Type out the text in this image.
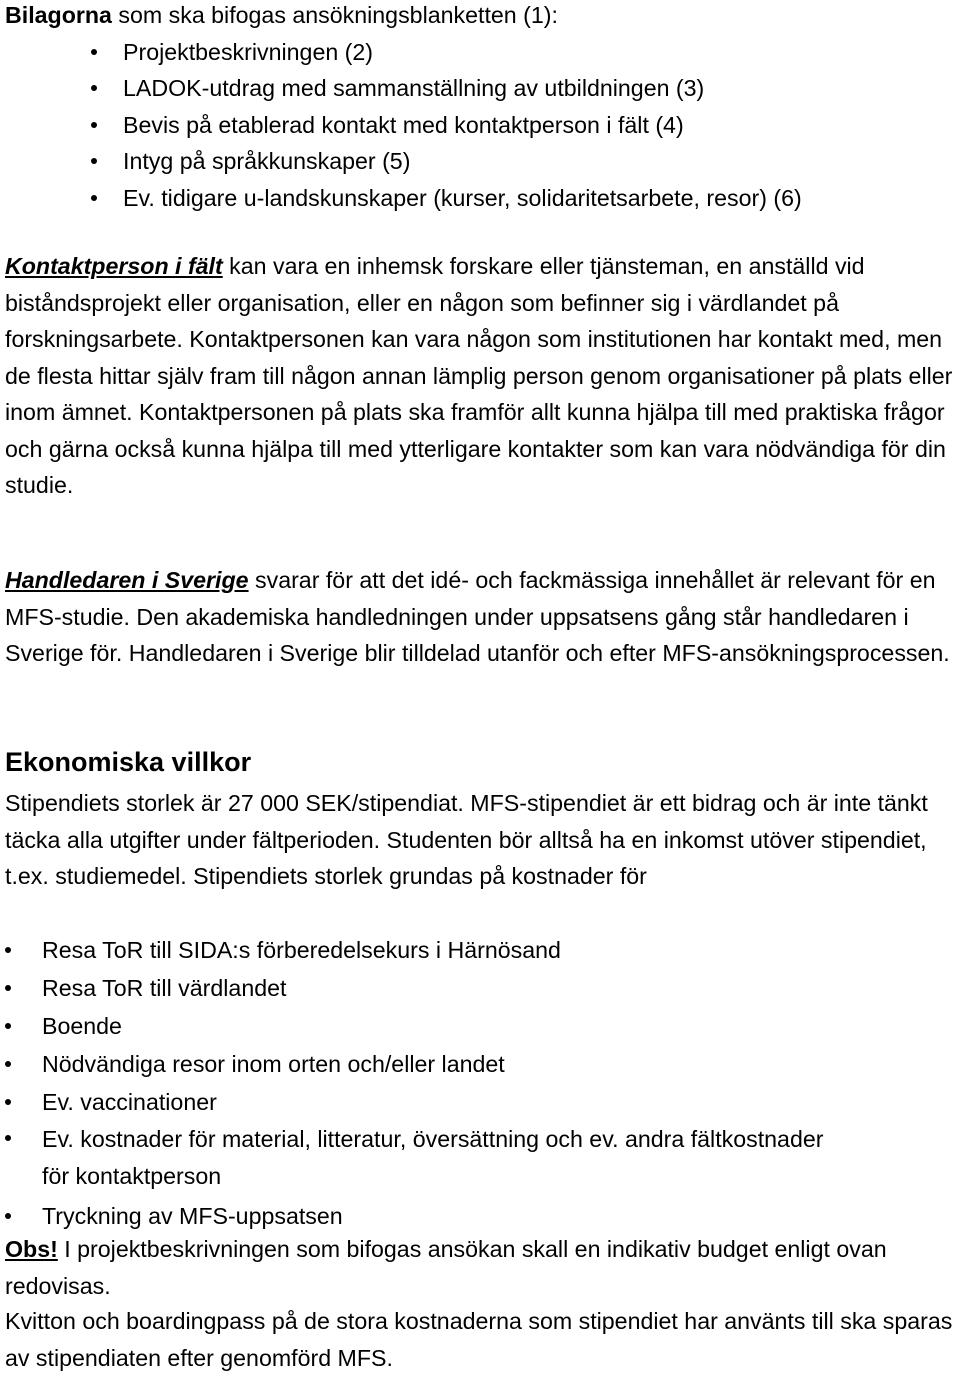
Bilagorna som ska bifogas ansökningsblanketten (1):

Projektbeskrivningen (2)
LADOK-utdrag med sammanställning av utbildningen (3)
Bevis på etablerad kontakt med kontaktperson i fält (4)
Intyg på språkkunskaper (5)
Ev. tidigare u-landskunskaper (kurser, solidaritetsarbete, resor) (6)

Kontaktperson i fält kan vara en inhemsk forskare eller tjänsteman, en anställd vid biståndsprojekt eller organisation, eller en någon som befinner sig i värdlandet på forskningsarbete. Kontaktpersonen kan vara någon som institutionen har kontakt med, men de flesta hittar själv fram till någon annan lämplig person genom organisationer på plats eller inom ämnet. Kontaktpersonen på plats ska framför allt kunna hjälpa till med praktiska frågor och gärna också kunna hjälpa till med ytterligare kontakter som kan vara nödvändiga för din studie.

Handledaren i Sverige svarar för att det idé- och fackmässiga innehållet är relevant för en MFS-studie. Den akademiska handledningen under uppsatsens gång står handledaren i Sverige för. Handledaren i Sverige blir tilldelad utanför och efter MFS-ansökningsprocessen.

Ekonomiska villkor

Stipendiets storlek är 27 000 SEK/stipendiat. MFS-stipendiet är ett bidrag och är inte tänkt täcka alla utgifter under fältperioden. Studenten bör alltså ha en inkomst utöver stipendiet, t.ex. studiemedel. Stipendiets storlek grundas på kostnader för

Resa ToR till SIDA:s förberedelsekurs i Härnösand
Resa ToR till värdlandet
Boende
Nödvändiga resor inom orten och/eller landet
Ev. vaccinationer
Ev. kostnader för material, litteratur, översättning och ev. andra fältkostnader för kontaktperson
Tryckning av MFS-uppsatsen

Obs! I projektbeskrivningen som bifogas ansökan skall en indikativ budget enligt ovan redovisas.

Kvitton och boardingpass på de stora kostnaderna som stipendiet har använts till ska sparas av stipendiaten efter genomförd MFS.
